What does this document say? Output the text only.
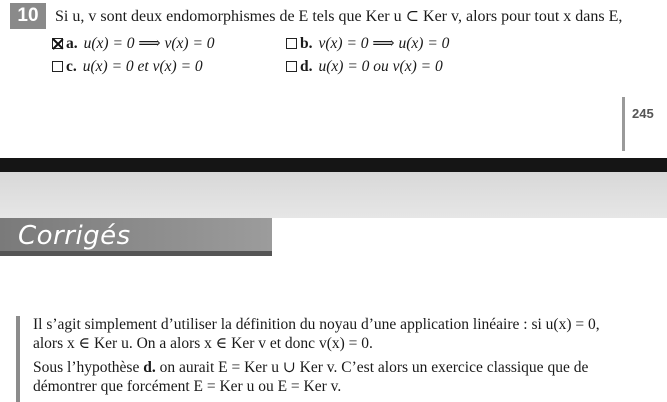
10	Si u, v sont deux endomorphismes de E tels que Ker u ⊂ Ker v, alors pour tout x dans E,
a. u(x) = 0 ⟹ v(x) = 0	b. v(x) = 0 ⟹ u(x) = 0
c. u(x) = 0 et v(x) = 0	d. u(x) = 0 ou v(x) = 0
245
Corrigés
Il s’agit simplement d’utiliser la définition du noyau d’une application linéaire : si u(x) = 0,
alors x ∈ Ker u. On a alors x ∈ Ker v et donc v(x) = 0.
Sous l’hypothèse d. on aurait E = Ker u ∪ Ker v. C’est alors un exercice classique que de
démontrer que forcément E = Ker u ou E = Ker v.
